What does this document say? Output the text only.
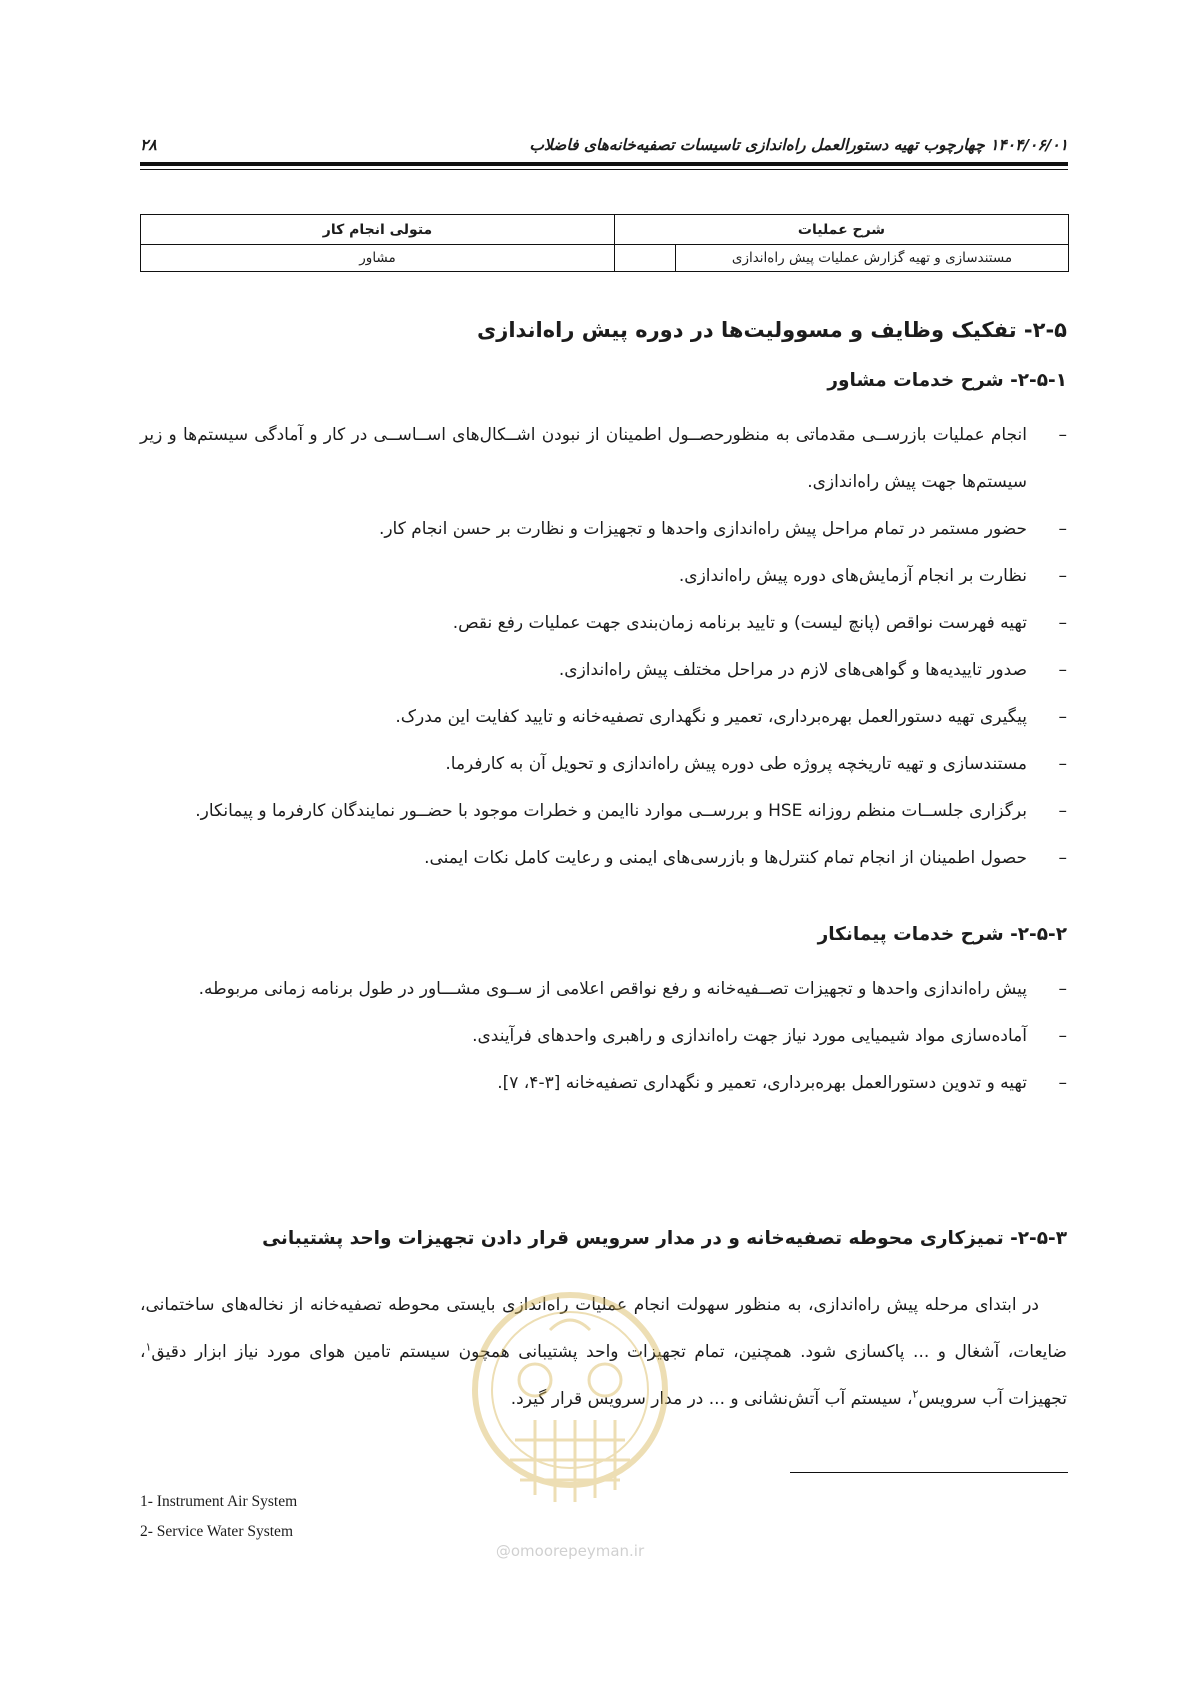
۱۴۰۴/۰۶/۰۱ چهارچوب تهیه دستورالعمل راه‌اندازی تاسیسات تصفیه‌خانه‌های فاضلاب
۲۸
شرح عملیات	متولی انجام کار

مستندسازی و تهیه گزارش عملیات پیش راه‌اندازی	مشاور
۲-۵- تفکیک وظایف و مسوولیت‌ها در دوره پیش راه‌اندازی
۲-۵-۱- شرح خدمات مشاور
–
انجام عملیات بازرســی مقدماتی به منظورحصــول اطمینان از نبودن اشــکال‌های اســاســی در کار و آمادگی سیستم‌ها و زیر سیستم‌ها جهت پیش راه‌اندازی.
–
حضور مستمر در تمام مراحل پیش راه‌اندازی واحدها و تجهیزات و نظارت بر حسن انجام کار.
–
نظارت بر انجام آزمایش‌های دوره پیش راه‌اندازی.
–
تهیه فهرست نواقص (پانچ لیست) و تایید برنامه زمان‌بندی جهت عملیات رفع نقص.
–
صدور تاییدیه‌ها و گواهی‌های لازم در مراحل مختلف پیش راه‌اندازی.
–
پیگیری تهیه دستورالعمل بهره‌برداری، تعمیر و نگهداری تصفیه‌خانه و تایید کفایت این مدرک.
–
مستندسازی و تهیه تاریخچه پروژه طی دوره پیش راه‌اندازی و تحویل آن به کارفرما.
–
برگزاری جلســات منظم روزانه HSE و بررســی موارد ناایمن و خطرات موجود با حضــور نمایندگان کارفرما و پیمانکار.
–
حصول اطمینان از انجام تمام کنترل‌ها و بازرسی‌های ایمنی و رعایت کامل نکات ایمنی.
۲-۵-۲- شرح خدمات پیمانکار
–
پیش راه‌اندازی واحدها و تجهیزات تصــفیه‌خانه و رفع نواقص اعلامی از ســوی مشـــاور در طول برنامه زمانی مربوطه.
–
آماده‌سازی مواد شیمیایی مورد نیاز جهت راه‌اندازی و راهبری واحدهای فرآیندی.
–
تهیه و تدوین دستورالعمل بهره‌برداری، تعمیر و نگهداری تصفیه‌خانه [۳-۴، ۷].
۲-۵-۳- تمیزکاری محوطه تصفیه‌خانه و در مدار سرویس قرار دادن تجهیزات واحد پشتیبانی

در ابتدای مرحله پیش راه‌اندازی، به منظور سهولت انجام عملیات راه‌اندازی بایستی محوطه تصفیه‌خانه از نخاله‌های ساختمانی، ضایعات، آشغال و ... پاکسازی شود. همچنین، تمام تجهیزات واحد پشتیبانی همچون سیستم تامین هوای مورد نیاز ابزار دقیق$^۱$، تجهیزات آب سرویس$^۲$، سیستم آب آتش‌نشانی و ... در مدار سرویس قرار گیرد.

1- Instrument Air System
2- Service Water System
@omoorepeyman.ir
